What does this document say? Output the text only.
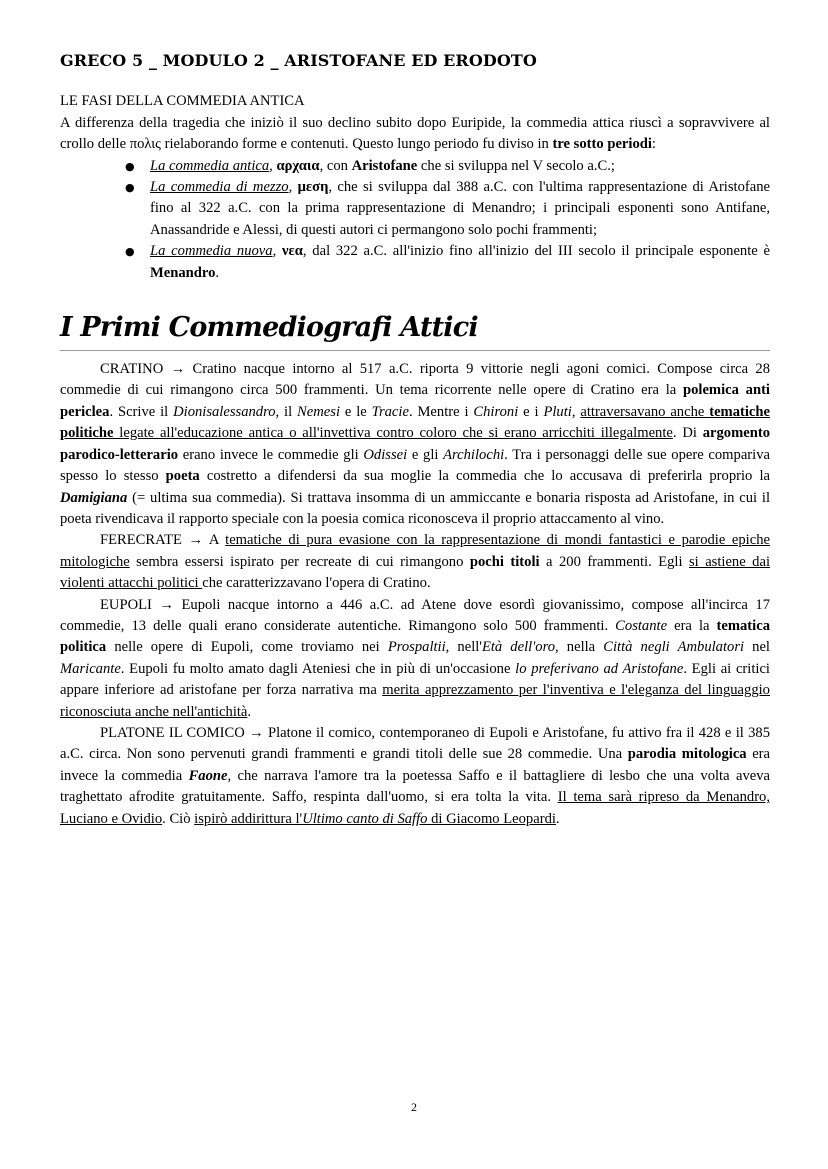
GRECO 5 _ MODULO 2 _ ARISTOFANE ED ERODOTO
LE FASI DELLA COMMEDIA ANTICA

A differenza della tragedia che iniziò il suo declino subito dopo Euripide, la commedia attica riuscì a sopravvivere al crollo delle πολις rielaborando forme e contenuti. Questo lungo periodo fu diviso in tre sotto periodi:

● La commedia antica, αρχαια, con Aristofane che si sviluppa nel V secolo a.C.;
● La commedia di mezzo, μεση, che si sviluppa dal 388 a.C. con l'ultima rappresentazione di Aristofane fino al 322 a.C. con la prima rappresentazione di Menandro; i principali esponenti sono Antifane, Anassandride e Alessi, di questi autori ci permangono solo pochi frammenti;
● La commedia nuova, νεα, dal 322 a.C. all'inizio fino all'inizio del III secolo il principale esponente è Menandro.
I Primi Commediografi Attici

CRATINO → Cratino nacque intorno al 517 a.C. riporta 9 vittorie negli agoni comici. Compose circa 28 commedie di cui rimangono circa 500 frammenti. Un tema ricorrente nelle opere di Cratino era la polemica anti periclea. Scrive il Dionisalessandro, il Nemesi e le Tracie. Mentre i Chironi e i Pluti, attraversavano anche tematiche politiche legate all'educazione antica o all'invettiva contro coloro che si erano arricchiti illegalmente. Di argomento parodico-letterario erano invece le commedie gli Odissei e gli Archilochi. Tra i personaggi delle sue opere compariva spesso lo stesso poeta costretto a difendersi da sua moglie la commedia che lo accusava di preferirla proprio la Damigiana (= ultima sua commedia). Si trattava insomma di un ammiccante e bonaria risposta ad Aristofane, in cui il poeta rivendicava il rapporto speciale con la poesia comica riconosceva il proprio attaccamento al vino.

FERECRATE → A tematiche di pura evasione con la rappresentazione di mondi fantastici e parodie epiche mitologiche sembra essersi ispirato per recreate di cui rimangono pochi titoli a 200 frammenti. Egli si astiene dai violenti attacchi politici che caratterizzavano l'opera di Cratino.

EUPOLI → Eupoli nacque intorno a 446 a.C. ad Atene dove esordì giovanissimo, compose all'incirca 17 commedie, 13 delle quali erano considerate autentiche. Rimangono solo 500 frammenti. Costante era la tematica politica nelle opere di Eupoli, come troviamo nei Prospaltii, nell'Età dell'oro, nella Città negli Ambulatori nel Maricante. Eupoli fu molto amato dagli Ateniesi che in più di un'occasione lo preferivano ad Aristofane. Egli ai critici appare inferiore ad aristofane per forza narrativa ma merita apprezzamento per l'inventiva e l'eleganza del linguaggio riconosciuta anche nell'antichità.

PLATONE IL COMICO → Platone il comico, contemporaneo di Eupoli e Aristofane, fu attivo fra il 428 e il 385 a.C. circa. Non sono pervenuti grandi frammenti e grandi titoli delle sue 28 commedie. Una parodia mitologica era invece la commedia Faone, che narrava l'amore tra la poetessa Saffo e il battagliere di lesbo che una volta aveva traghettato afrodite gratuitamente. Saffo, respinta dall'uomo, si era tolta la vita. Il tema sarà ripreso da Menandro, Luciano e Ovidio. Ciò ispirò addirittura l'Ultimo canto di Saffo di Giacomo Leopardi.

2
